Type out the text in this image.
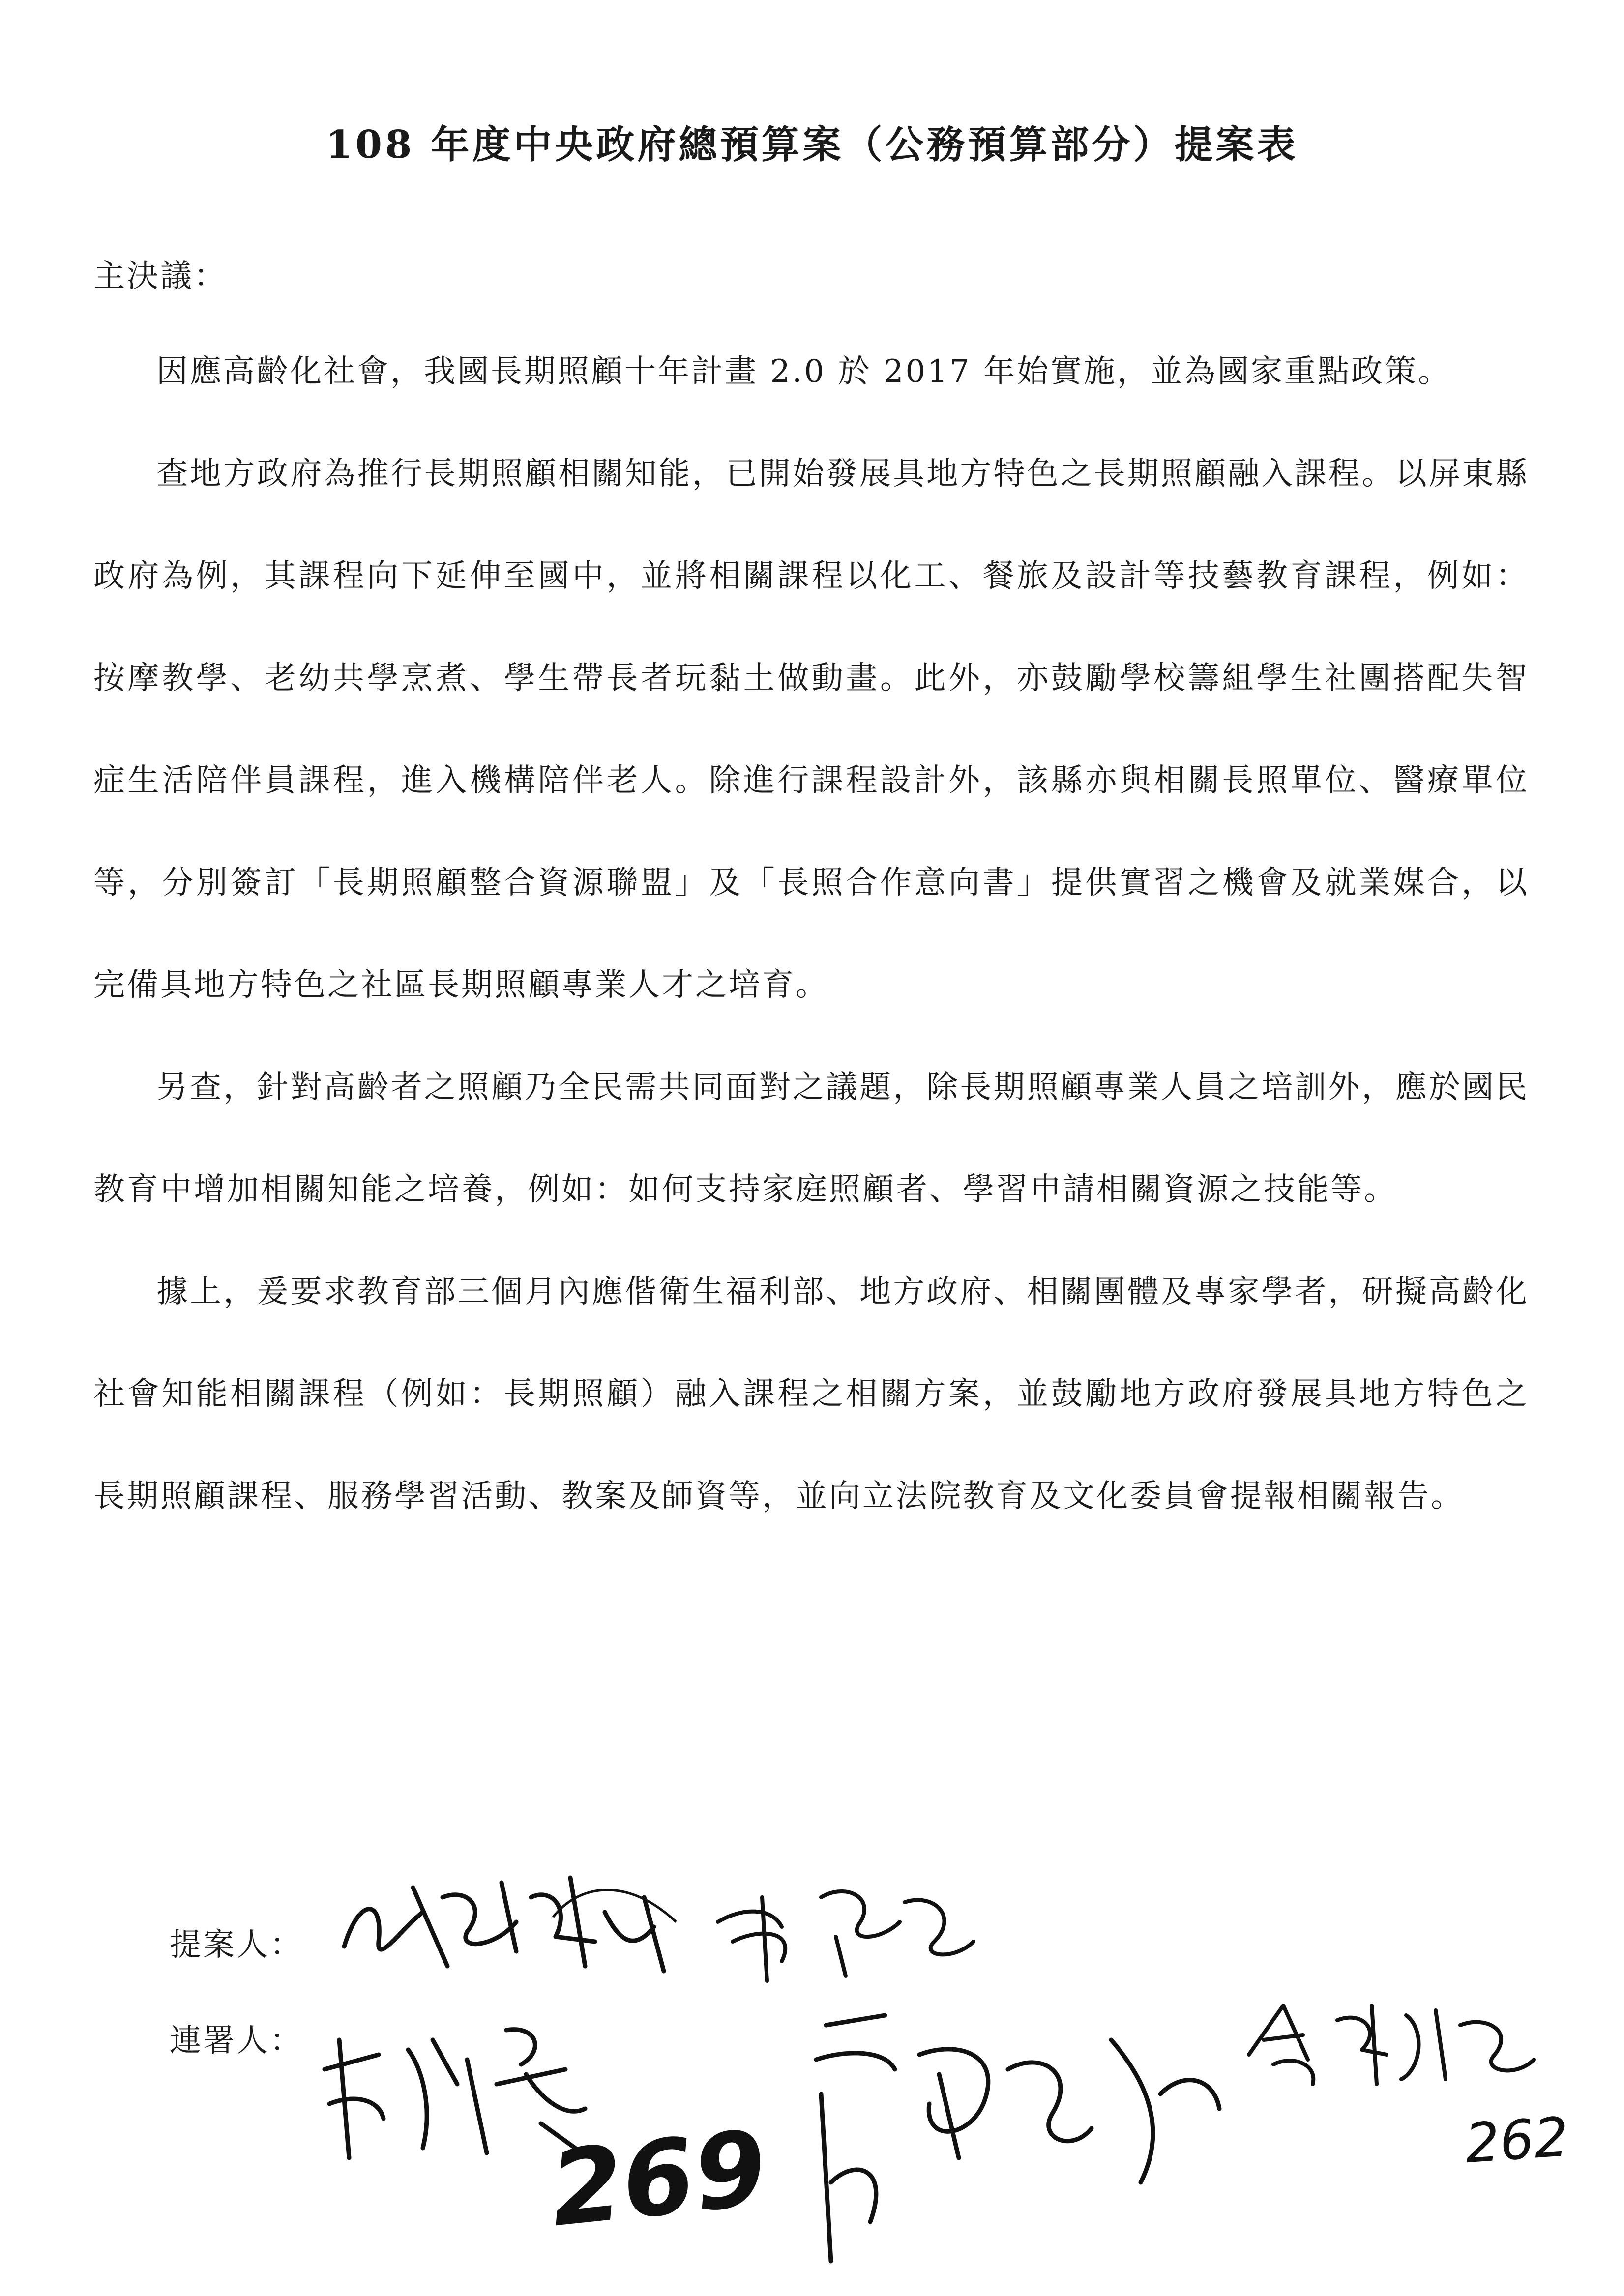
108 年度中央政府總預算案（公務預算部分）提案表
主決議：

因應高齡化社會，我國長期照顧十年計畫 2.0 於 2017 年始實施，並為國家重點政策。

查地方政府為推行長期照顧相關知能，已開始發展具地方特色之長期照顧融入課程。以屏東縣政府為例，其課程向下延伸至國中，並將相關課程以化工、餐旅及設計等技藝教育課程，例如：按摩教學、老幼共學烹煮、學生帶長者玩黏土做動畫。此外，亦鼓勵學校籌組學生社團搭配失智症生活陪伴員課程，進入機構陪伴老人。除進行課程設計外，該縣亦與相關長照單位、醫療單位等，分別簽訂「長期照顧整合資源聯盟」及「長照合作意向書」提供實習之機會及就業媒合，以完備具地方特色之社區長期照顧專業人才之培育。

另查，針對高齡者之照顧乃全民需共同面對之議題，除長期照顧專業人員之培訓外，應於國民教育中增加相關知能之培養，例如：如何支持家庭照顧者、學習申請相關資源之技能等。

據上，爰要求教育部三個月內應偕衛生福利部、地方政府、相關團體及專家學者，研擬高齡化社會知能相關課程（例如：長期照顧）融入課程之相關方案，並鼓勵地方政府發展具地方特色之長期照顧課程、服務學習活動、教案及師資等，並向立法院教育及文化委員會提報相關報告。

提案人：
連署人：
269	262
